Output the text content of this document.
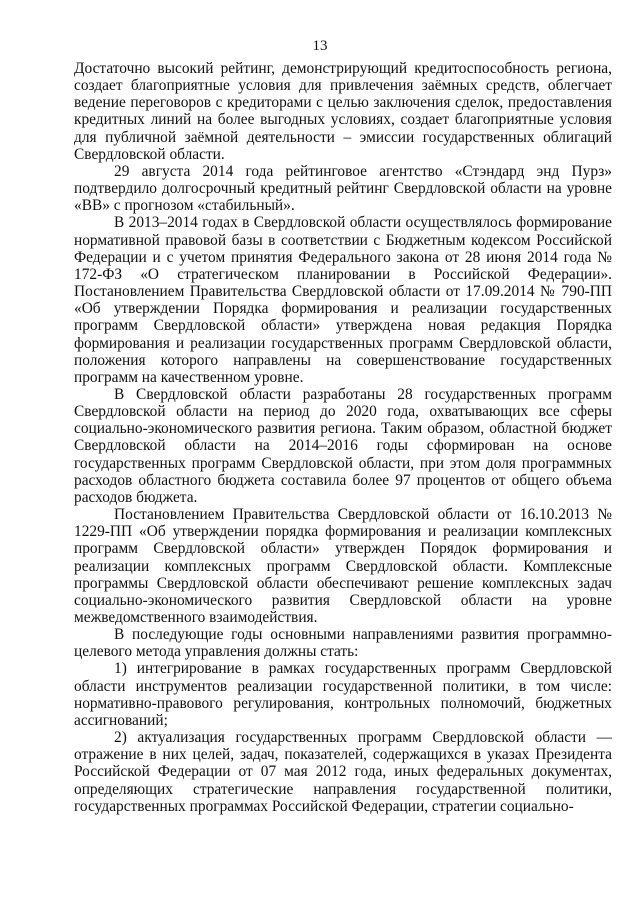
13

Достаточно высокий рейтинг, демонстрирующий кредитоспособность региона, создает благоприятные условия для привлечения заёмных средств, облегчает ведение переговоров с кредиторами с целью заключения сделок, предоставления кредитных линий на более выгодных условиях, создает благоприятные условия для публичной заёмной деятельности – эмиссии государственных облигаций Свердловской области.

29 августа 2014 года рейтинговое агентство «Стэндард энд Пурз» подтвердило долгосрочный кредитный рейтинг Свердловской области на уровне «ВВ» с прогнозом «стабильный».

В 2013–2014 годах в Свердловской области осуществлялось формирование нормативной правовой базы в соответствии с Бюджетным кодексом Российской Федерации и с учетом принятия Федерального закона от 28 июня 2014 года № 172-ФЗ «О стратегическом планировании в Российской Федерации». Постановлением Правительства Свердловской области от 17.09.2014 № 790-ПП «Об утверждении Порядка формирования и реализации государственных программ Свердловской области» утверждена новая редакция Порядка формирования и реализации государственных программ Свердловской области, положения которого направлены на совершенствование государственных программ на качественном уровне.

В Свердловской области разработаны 28 государственных программ Свердловской области на период до 2020 года, охватывающих все сферы социально-экономического развития региона. Таким образом, областной бюджет Свердловской области на 2014–2016 годы сформирован на основе государственных программ Свердловской области, при этом доля программных расходов областного бюджета составила более 97 процентов от общего объема расходов бюджета.

Постановлением Правительства Свердловской области от 16.10.2013 № 1229-ПП «Об утверждении порядка формирования и реализации комплексных программ Свердловской области» утвержден Порядок формирования и реализации комплексных программ Свердловской области. Комплексные программы Свердловской области обеспечивают решение комплексных задач социально-экономического развития Свердловской области на уровне межведомственного взаимодействия.

В последующие годы основными направлениями развития программно-целевого метода управления должны стать:

1) интегрирование в рамках государственных программ Свердловской области инструментов реализации государственной политики, в том числе: нормативно-правового регулирования, контрольных полномочий, бюджетных ассигнований;

2) актуализация государственных программ Свердловской области — отражение в них целей, задач, показателей, содержащихся в указах Президента Российской Федерации от 07 мая 2012 года, иных федеральных документах, определяющих стратегические направления государственной политики, государственных программах Российской Федерации, стратегии социально-
